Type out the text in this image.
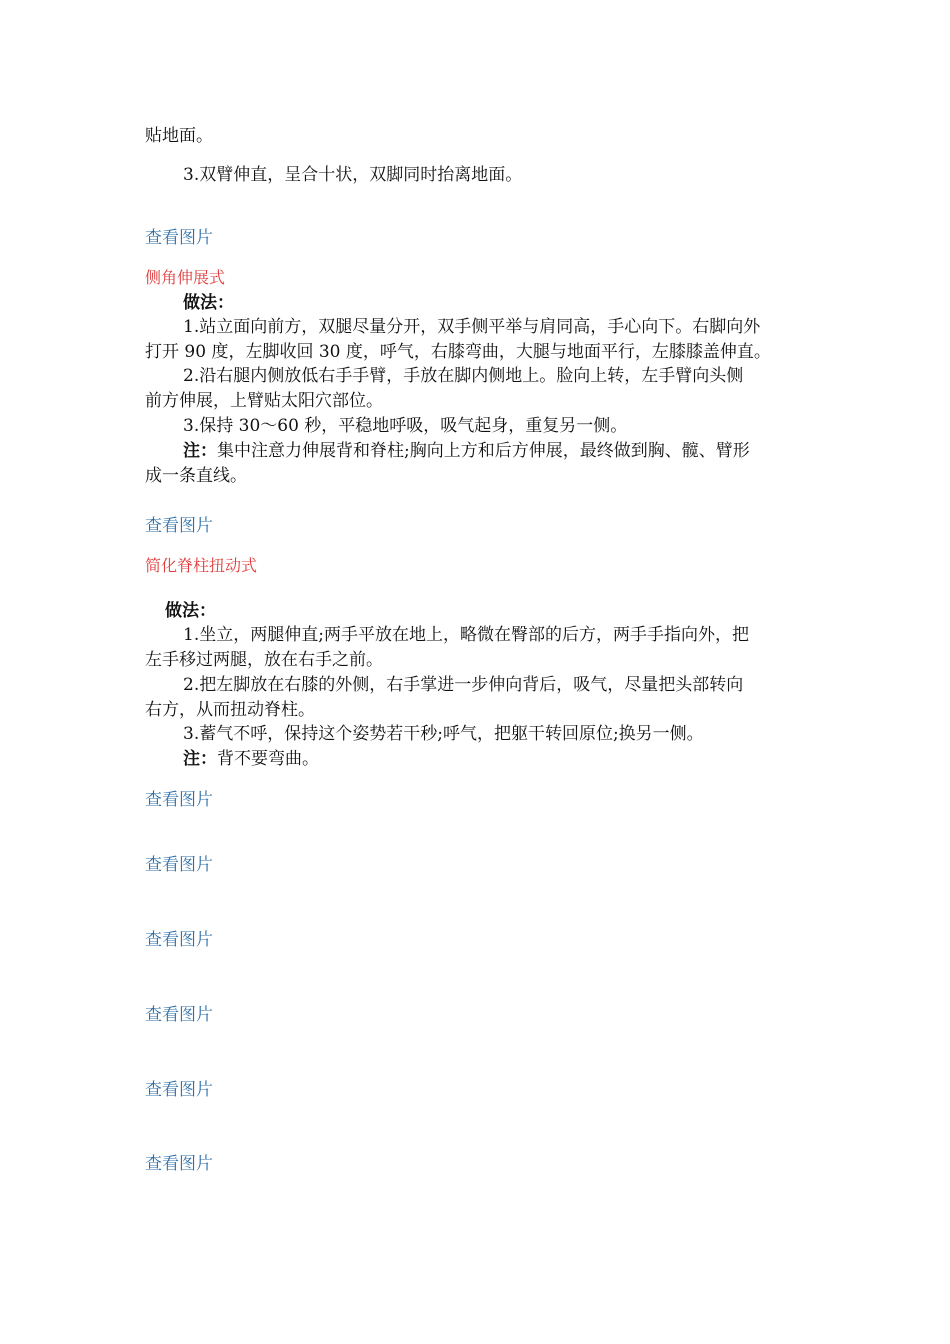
贴地面。
3.双臂伸直，呈合十状，双脚同时抬离地面。
查看图片
侧角伸展式
做法：
1.站立面向前方，双腿尽量分开，双手侧平举与肩同高，手心向下。右脚向外
打开 90 度，左脚收回 30 度，呼气，右膝弯曲，大腿与地面平行，左膝膝盖伸直。
2.沿右腿内侧放低右手手臂，手放在脚内侧地上。脸向上转，左手臂向头侧
前方伸展，上臂贴太阳穴部位。
3.保持 30～60 秒，平稳地呼吸，吸气起身，重复另一侧。
注：集中注意力伸展背和脊柱;胸向上方和后方伸展，最终做到胸、髋、臂形
成一条直线。
查看图片
简化脊柱扭动式
做法：
1.坐立，两腿伸直;两手平放在地上，略微在臀部的后方，两手手指向外，把
左手移过两腿，放在右手之前。
2.把左脚放在右膝的外侧，右手掌进一步伸向背后，吸气，尽量把头部转向
右方，从而扭动脊柱。
3.蓄气不呼，保持这个姿势若干秒;呼气，把躯干转回原位;换另一侧。
注：背不要弯曲。
查看图片
查看图片
查看图片
查看图片
查看图片
查看图片
